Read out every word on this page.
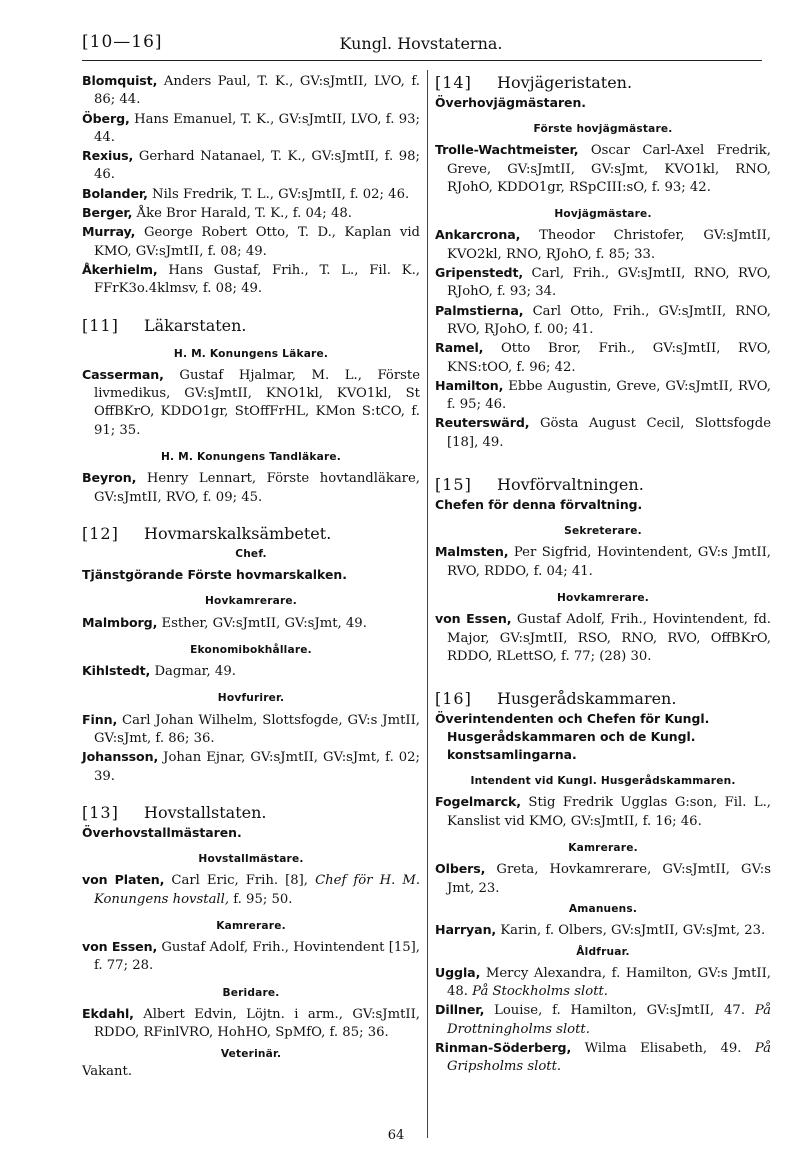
[10—16]	Kungl. Hovstaterna.

Blomquist, Anders Paul, T. K., GV:sJmtII, LVO, f. 86; 44.

Öberg, Hans Emanuel, T. K., GV:sJmtII, LVO, f. 93; 44.

Rexius, Gerhard Natanael, T. K., GV:sJmtII, f. 98; 46.

Bolander, Nils Fredrik, T. L., GV:sJmtII, f. 02; 46.

Berger, Åke Bror Harald, T. K., f. 04; 48.

Murray, George Robert Otto, T. D., Kaplan vid KMO, GV:sJmtII, f. 08; 49.

Åkerhielm, Hans Gustaf, Frih., T. L., Fil. K., FFrK3o.4klmsv, f. 08; 49.

[11] Läkarstaten.
H. M. Konungens Läkare.

Casserman, Gustaf Hjalmar, M. L., Förste livmedikus, GV:sJmtII, KNO1kl, KVO1kl, St OffBKrO, KDDO1gr, StOffFrHL, KMon S:tCO, f. 91; 35.

H. M. Konungens Tandläkare.

Beyron, Henry Lennart, Förste hovtandläkare, GV:sJmtII, RVO, f. 09; 45.

[12] Hovmarskalksämbetet.
Chef.

Tjänstgörande Förste hovmarskalken.

Hovkamrerare.

Malmborg, Esther, GV:sJmtII, GV:sJmt, 49.

Ekonomibokhållare.

Kihlstedt, Dagmar, 49.

Hovfurirer.

Finn, Carl Johan Wilhelm, Slottsfogde, GV:s JmtII, GV:sJmt, f. 86; 36.

Johansson, Johan Ejnar, GV:sJmtII, GV:sJmt, f. 02; 39.

[13] Hovstallstaten.

Överhovstallmästaren.

Hovstallmästare.

von Platen, Carl Eric, Frih. [8], Chef för H. M. Konungens hovstall, f. 95; 50.

Kamrerare.

von Essen, Gustaf Adolf, Frih., Hovintendent [15], f. 77; 28.

Beridare.

Ekdahl, Albert Edvin, Löjtn. i arm., GV:sJmtII, RDDO, RFinlVRO, HohHO, SpMfO, f. 85; 36.

Veterinär.

Vakant.

[14] Hovjägeristaten.

Överhovjägmästaren.

Förste hovjägmästare.

Trolle-Wachtmeister, Oscar Carl-Axel Fredrik, Greve, GV:sJmtII, GV:sJmt, KVO1kl, RNO, RJohO, KDDO1gr, RSpCIII:sO, f. 93; 42.

Hovjägmästare.

Ankarcrona, Theodor Christofer, GV:sJmtII, KVO2kl, RNO, RJohO, f. 85; 33.

Gripenstedt, Carl, Frih., GV:sJmtII, RNO, RVO, RJohO, f. 93; 34.

Palmstierna, Carl Otto, Frih., GV:sJmtII, RNO, RVO, RJohO, f. 00; 41.

Ramel, Otto Bror, Frih., GV:sJmtII, RVO, KNS:tOO, f. 96; 42.

Hamilton, Ebbe Augustin, Greve, GV:sJmtII, RVO, f. 95; 46.

Reuterswärd, Gösta August Cecil, Slottsfogde [18], 49.

[15] Hovförvaltningen.

Chefen för denna förvaltning.

Sekreterare.

Malmsten, Per Sigfrid, Hovintendent, GV:s JmtII, RVO, RDDO, f. 04; 41.

Hovkamrerare.

von Essen, Gustaf Adolf, Frih., Hovintendent, fd. Major, GV:sJmtII, RSO, RNO, RVO, OffBKrO, RDDO, RLettSO, f. 77; (28) 30.

[16] Husgerådskammaren.

Överintendenten och Chefen för Kungl. Husgerådskammaren och de Kungl. konstsamlingarna.

Intendent vid Kungl. Husgerådskammaren.

Fogelmarck, Stig Fredrik Ugglas G:son, Fil. L., Kanslist vid KMO, GV:sJmtII, f. 16; 46.

Kamrerare.

Olbers, Greta, Hovkamrerare, GV:sJmtII, GV:s Jmt, 23.

Amanuens.

Harryan, Karin, f. Olbers, GV:sJmtII, GV:sJmt, 23.

Åldfruar.

Uggla, Mercy Alexandra, f. Hamilton, GV:s JmtII, 48. På Stockholms slott.

Dillner, Louise, f. Hamilton, GV:sJmtII, 47. På Drottningholms slott.

Rinman-Söderberg, Wilma Elisabeth, 49. På Gripsholms slott.

64
